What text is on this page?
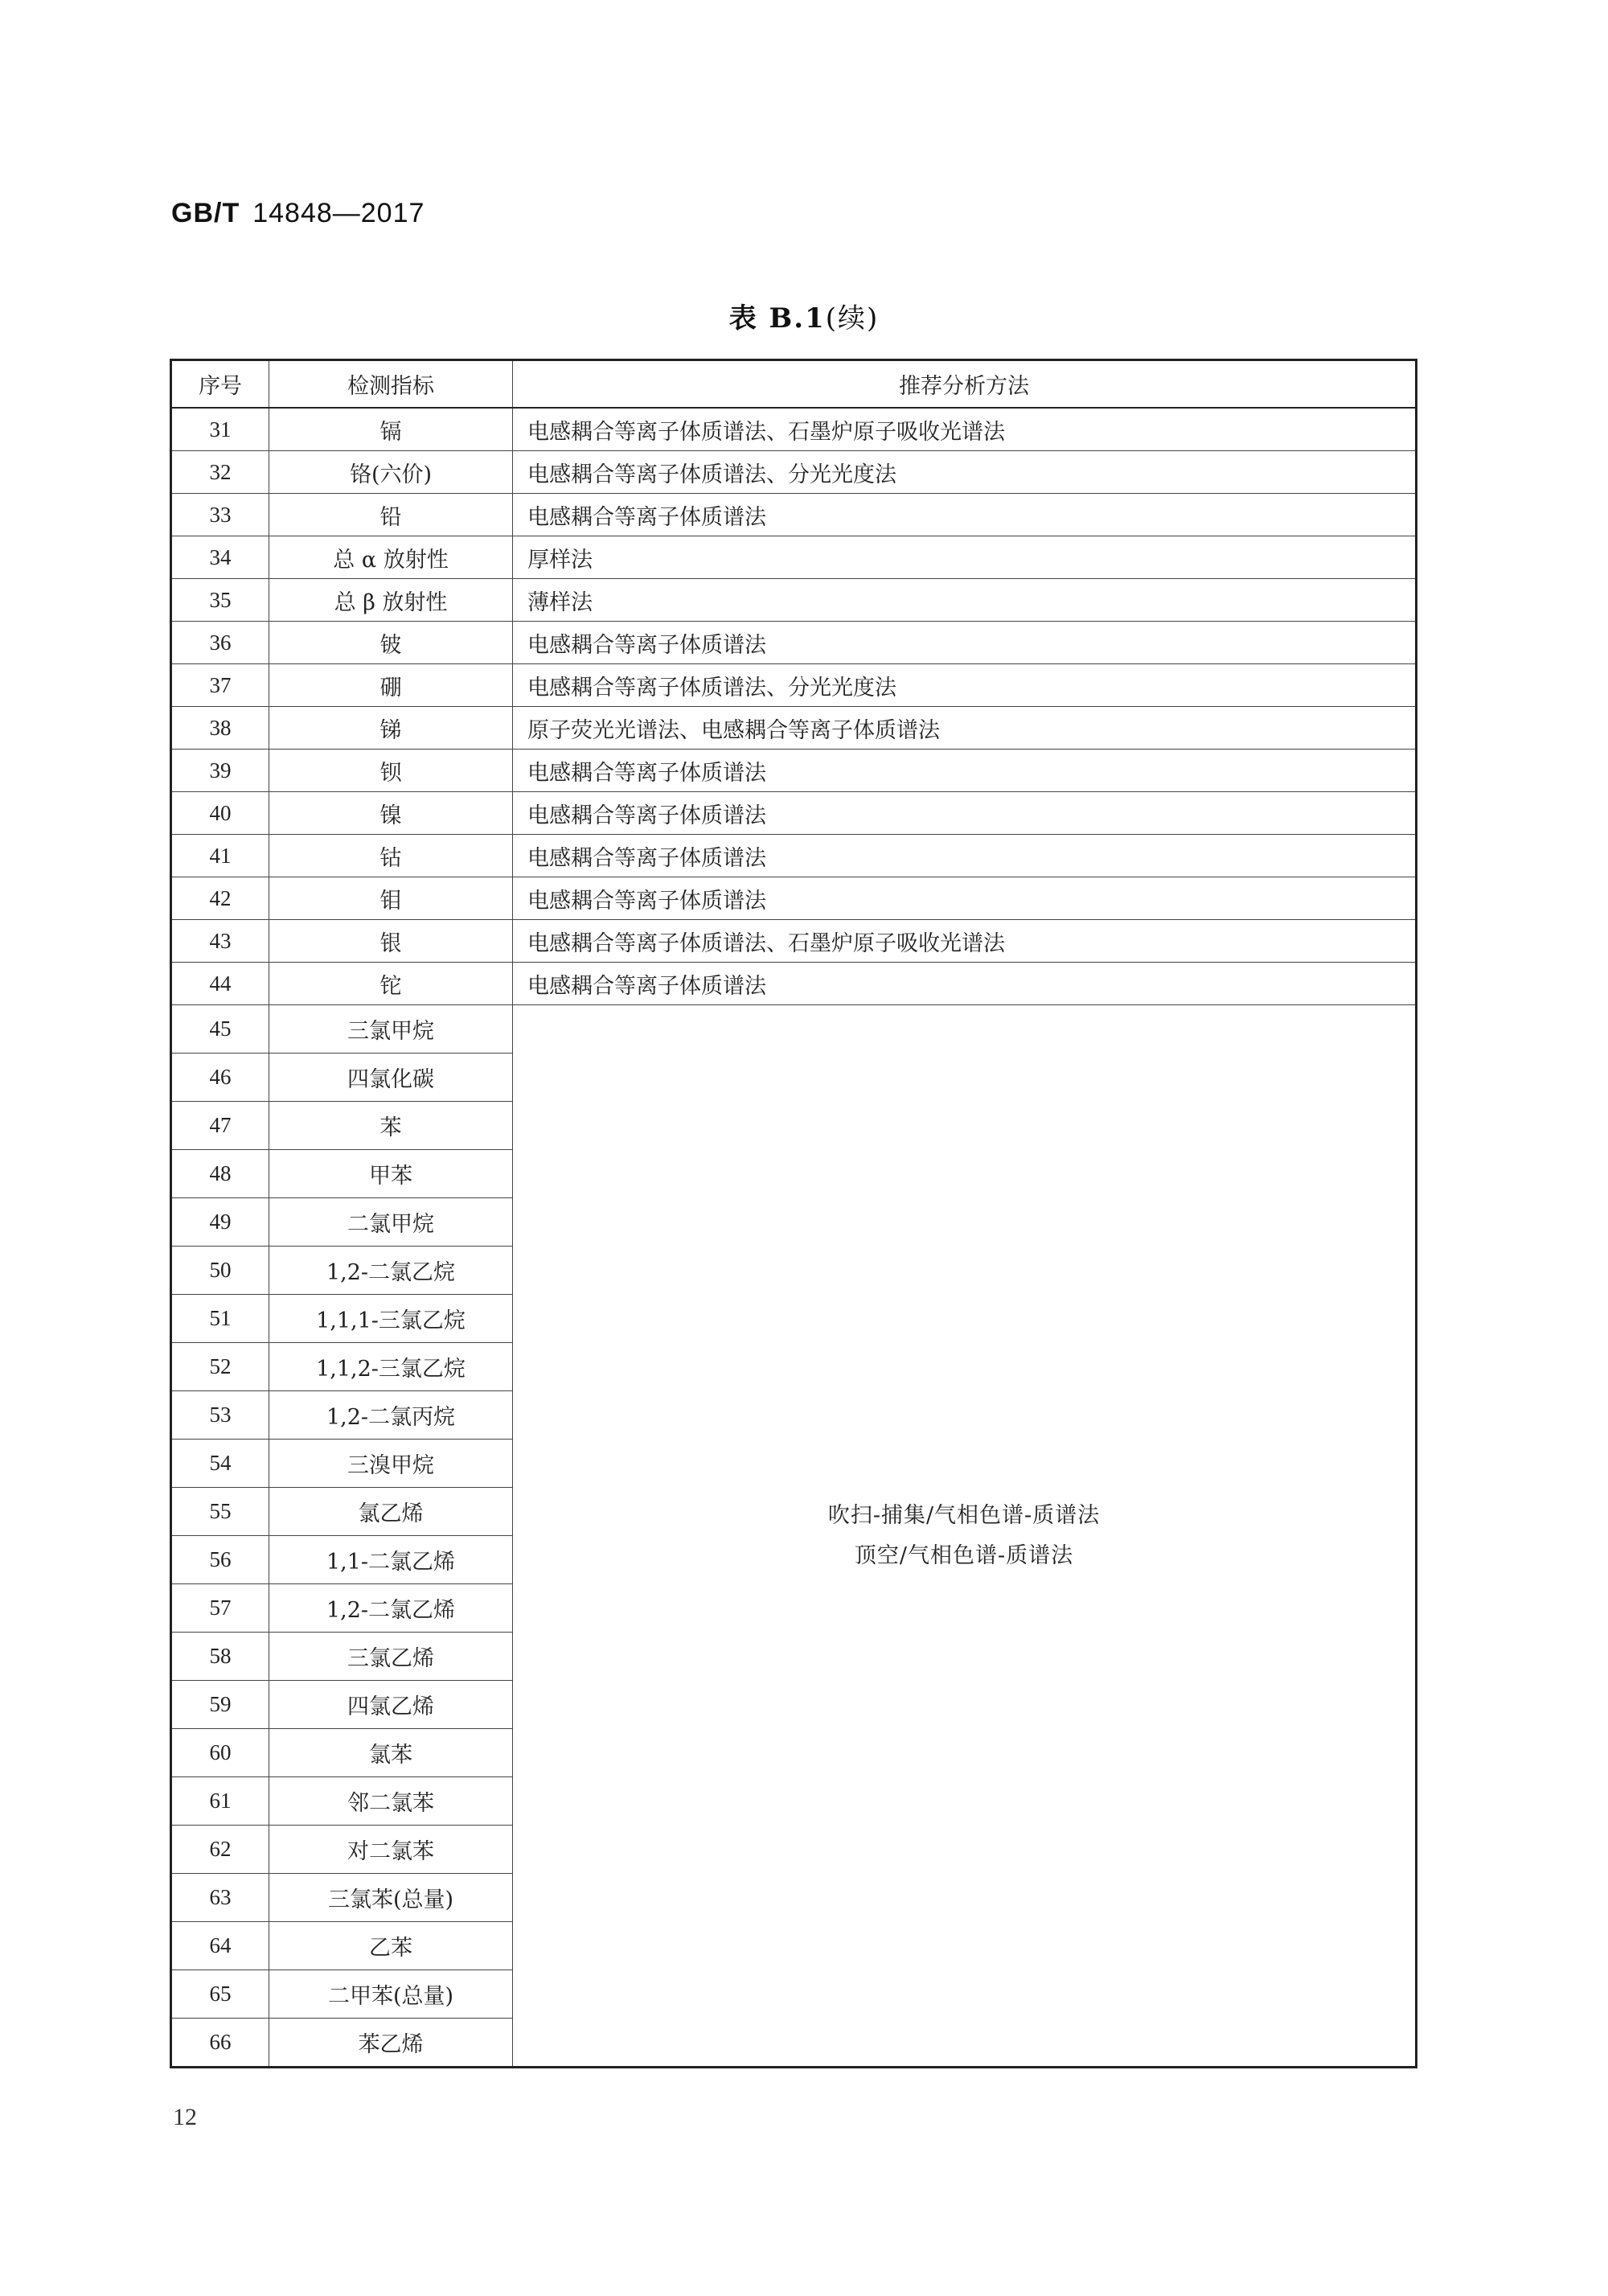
GB/T 14848—2017
表 B.1(续)
序号	检测指标	推荐分析方法
31	镉	电感耦合等离子体质谱法、石墨炉原子吸收光谱法
32	铬(六价)	电感耦合等离子体质谱法、分光光度法
33	铅	电感耦合等离子体质谱法
34	总 α 放射性	厚样法
35	总 β 放射性	薄样法
36	铍	电感耦合等离子体质谱法
37	硼	电感耦合等离子体质谱法、分光光度法
38	锑	原子荧光光谱法、电感耦合等离子体质谱法
39	钡	电感耦合等离子体质谱法
40	镍	电感耦合等离子体质谱法
41	钴	电感耦合等离子体质谱法
42	钼	电感耦合等离子体质谱法
43	银	电感耦合等离子体质谱法、石墨炉原子吸收光谱法
44	铊	电感耦合等离子体质谱法
45	三氯甲烷	吹扫-捕集/气相色谱-质谱法
顶空/气相色谱-质谱法

46	四氯化碳	
47	苯	
48	甲苯	
49	二氯甲烷	
50	1,2-二氯乙烷	
51	1,1,1-三氯乙烷	
52	1,1,2-三氯乙烷	
53	1,2-二氯丙烷	
54	三溴甲烷	
55	氯乙烯	
56	1,1-二氯乙烯	
57	1,2-二氯乙烯	
58	三氯乙烯	
59	四氯乙烯	
60	氯苯	
61	邻二氯苯	
62	对二氯苯	
63	三氯苯(总量)	
64	乙苯	
65	二甲苯(总量)	
66	苯乙烯	
12
